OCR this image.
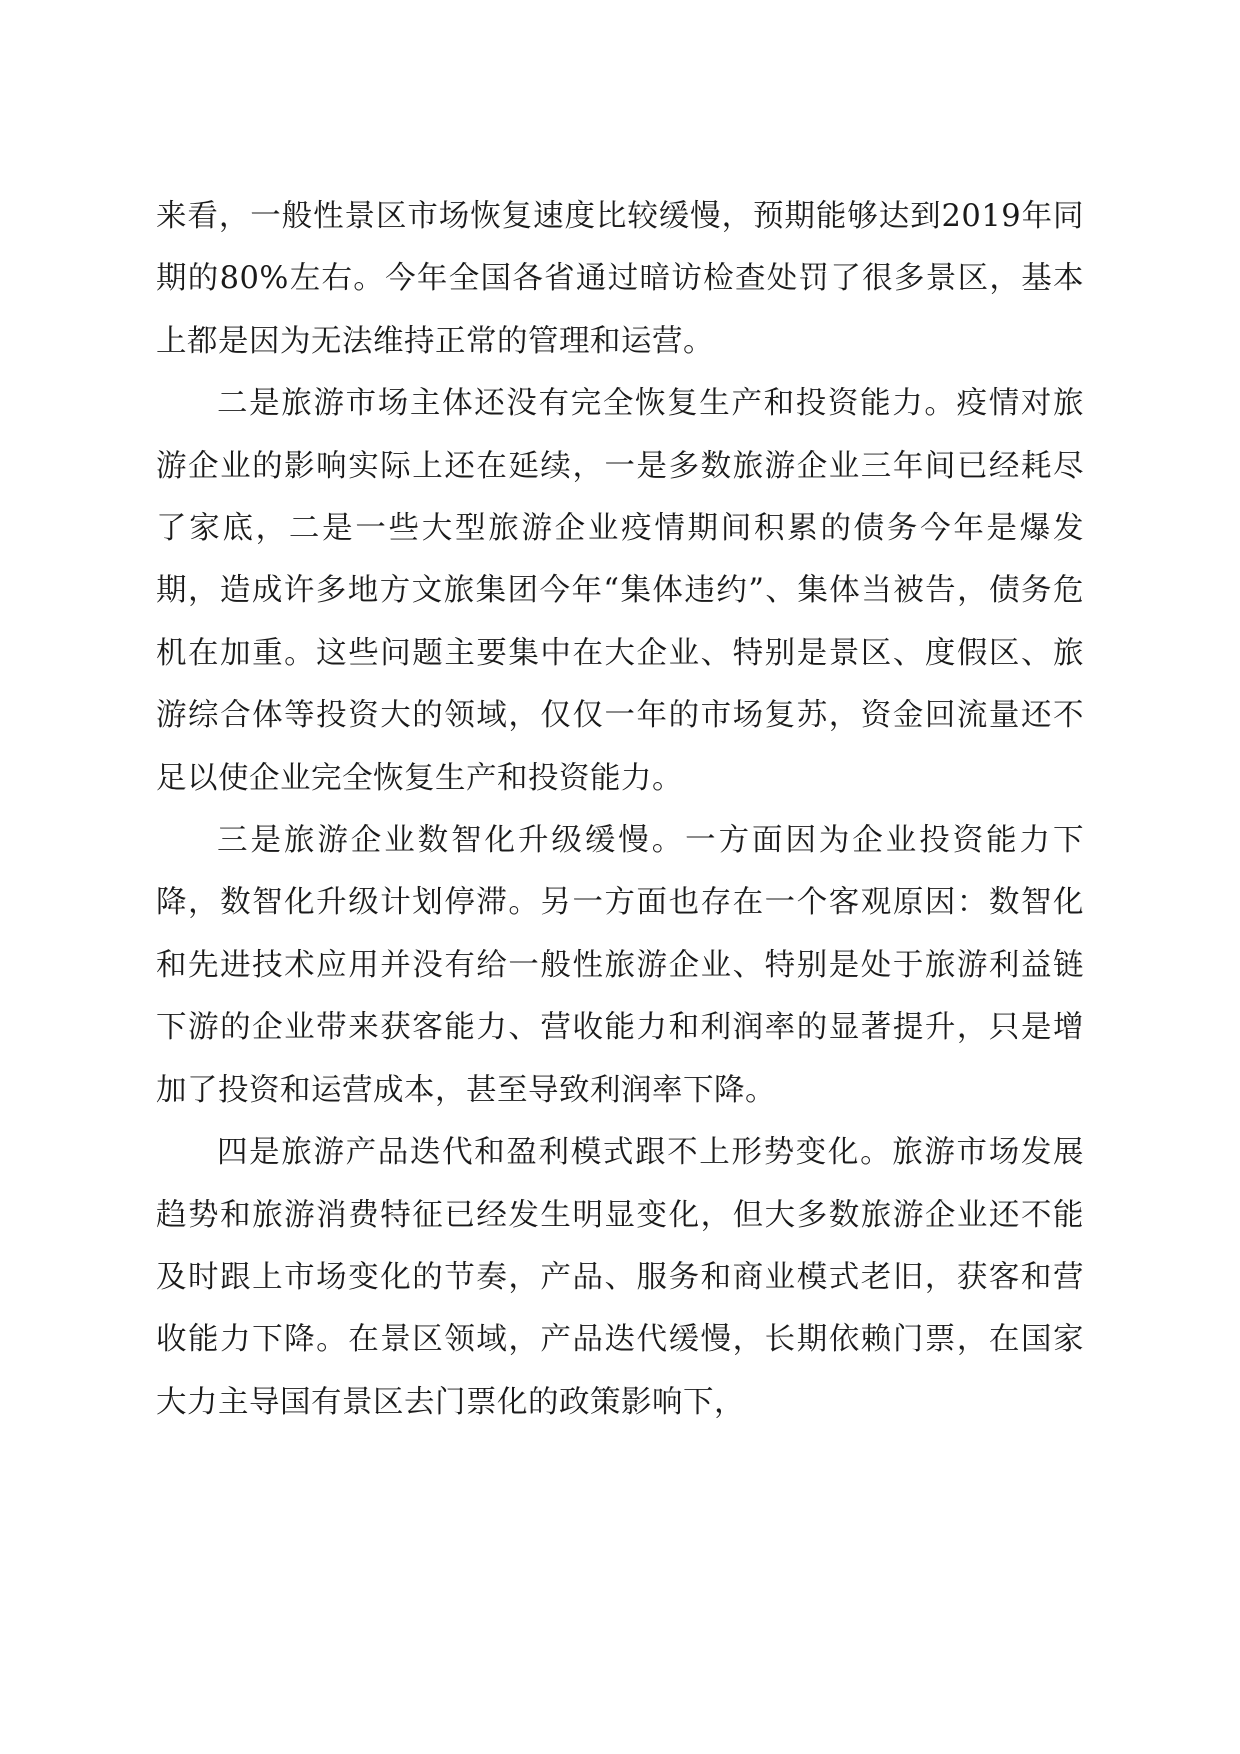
来看，一般性景区市场恢复速度比较缓慢，预期能够达到2019年同期的80%左右。今年全国各省通过暗访检查处罚了很多景区，基本上都是因为无法维持正常的管理和运营。

二是旅游市场主体还没有完全恢复生产和投资能力。疫情对旅游企业的影响实际上还在延续，一是多数旅游企业三年间已经耗尽了家底，二是一些大型旅游企业疫情期间积累的债务今年是爆发期，造成许多地方文旅集团今年“集体违约”、集体当被告，债务危机在加重。这些问题主要集中在大企业、特别是景区、度假区、旅游综合体等投资大的领域，仅仅一年的市场复苏，资金回流量还不足以使企业完全恢复生产和投资能力。

三是旅游企业数智化升级缓慢。一方面因为企业投资能力下降，数智化升级计划停滞。另一方面也存在一个客观原因：数智化和先进技术应用并没有给一般性旅游企业、特别是处于旅游利益链下游的企业带来获客能力、营收能力和利润率的显著提升，只是增加了投资和运营成本，甚至导致利润率下降。

四是旅游产品迭代和盈利模式跟不上形势变化。旅游市场发展趋势和旅游消费特征已经发生明显变化，但大多数旅游企业还不能及时跟上市场变化的节奏，产品、服务和商业模式老旧，获客和营收能力下降。在景区领域，产品迭代缓慢，长期依赖门票，在国家大力主导国有景区去门票化的政策影响下，
